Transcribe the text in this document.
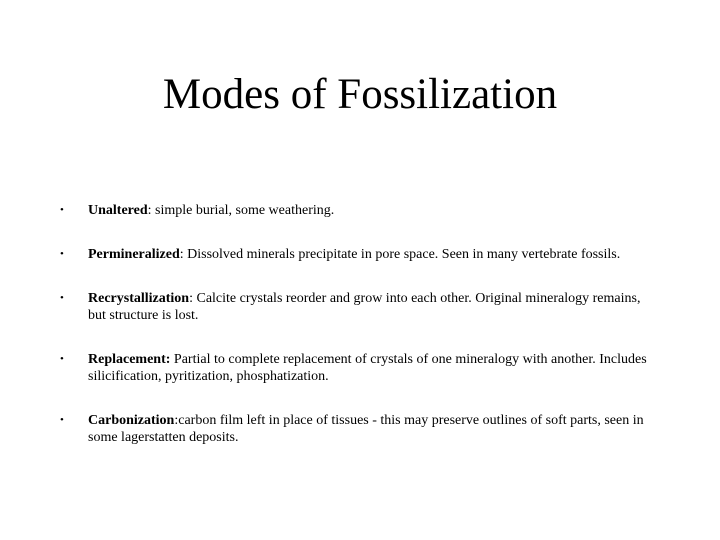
Modes of Fossilization
• Unaltered: simple burial, some weathering.
• Permineralized: Dissolved minerals precipitate in pore space. Seen in many vertebrate fossils.
• Recrystallization: Calcite crystals reorder and grow into each other. Original mineralogy remains, but structure is lost.
• Replacement: Partial to complete replacement of crystals of one mineralogy with another. Includes silicification, pyritization, phosphatization.
• Carbonization:carbon film left in place of tissues - this may preserve outlines of soft parts, seen in some lagerstatten deposits.
